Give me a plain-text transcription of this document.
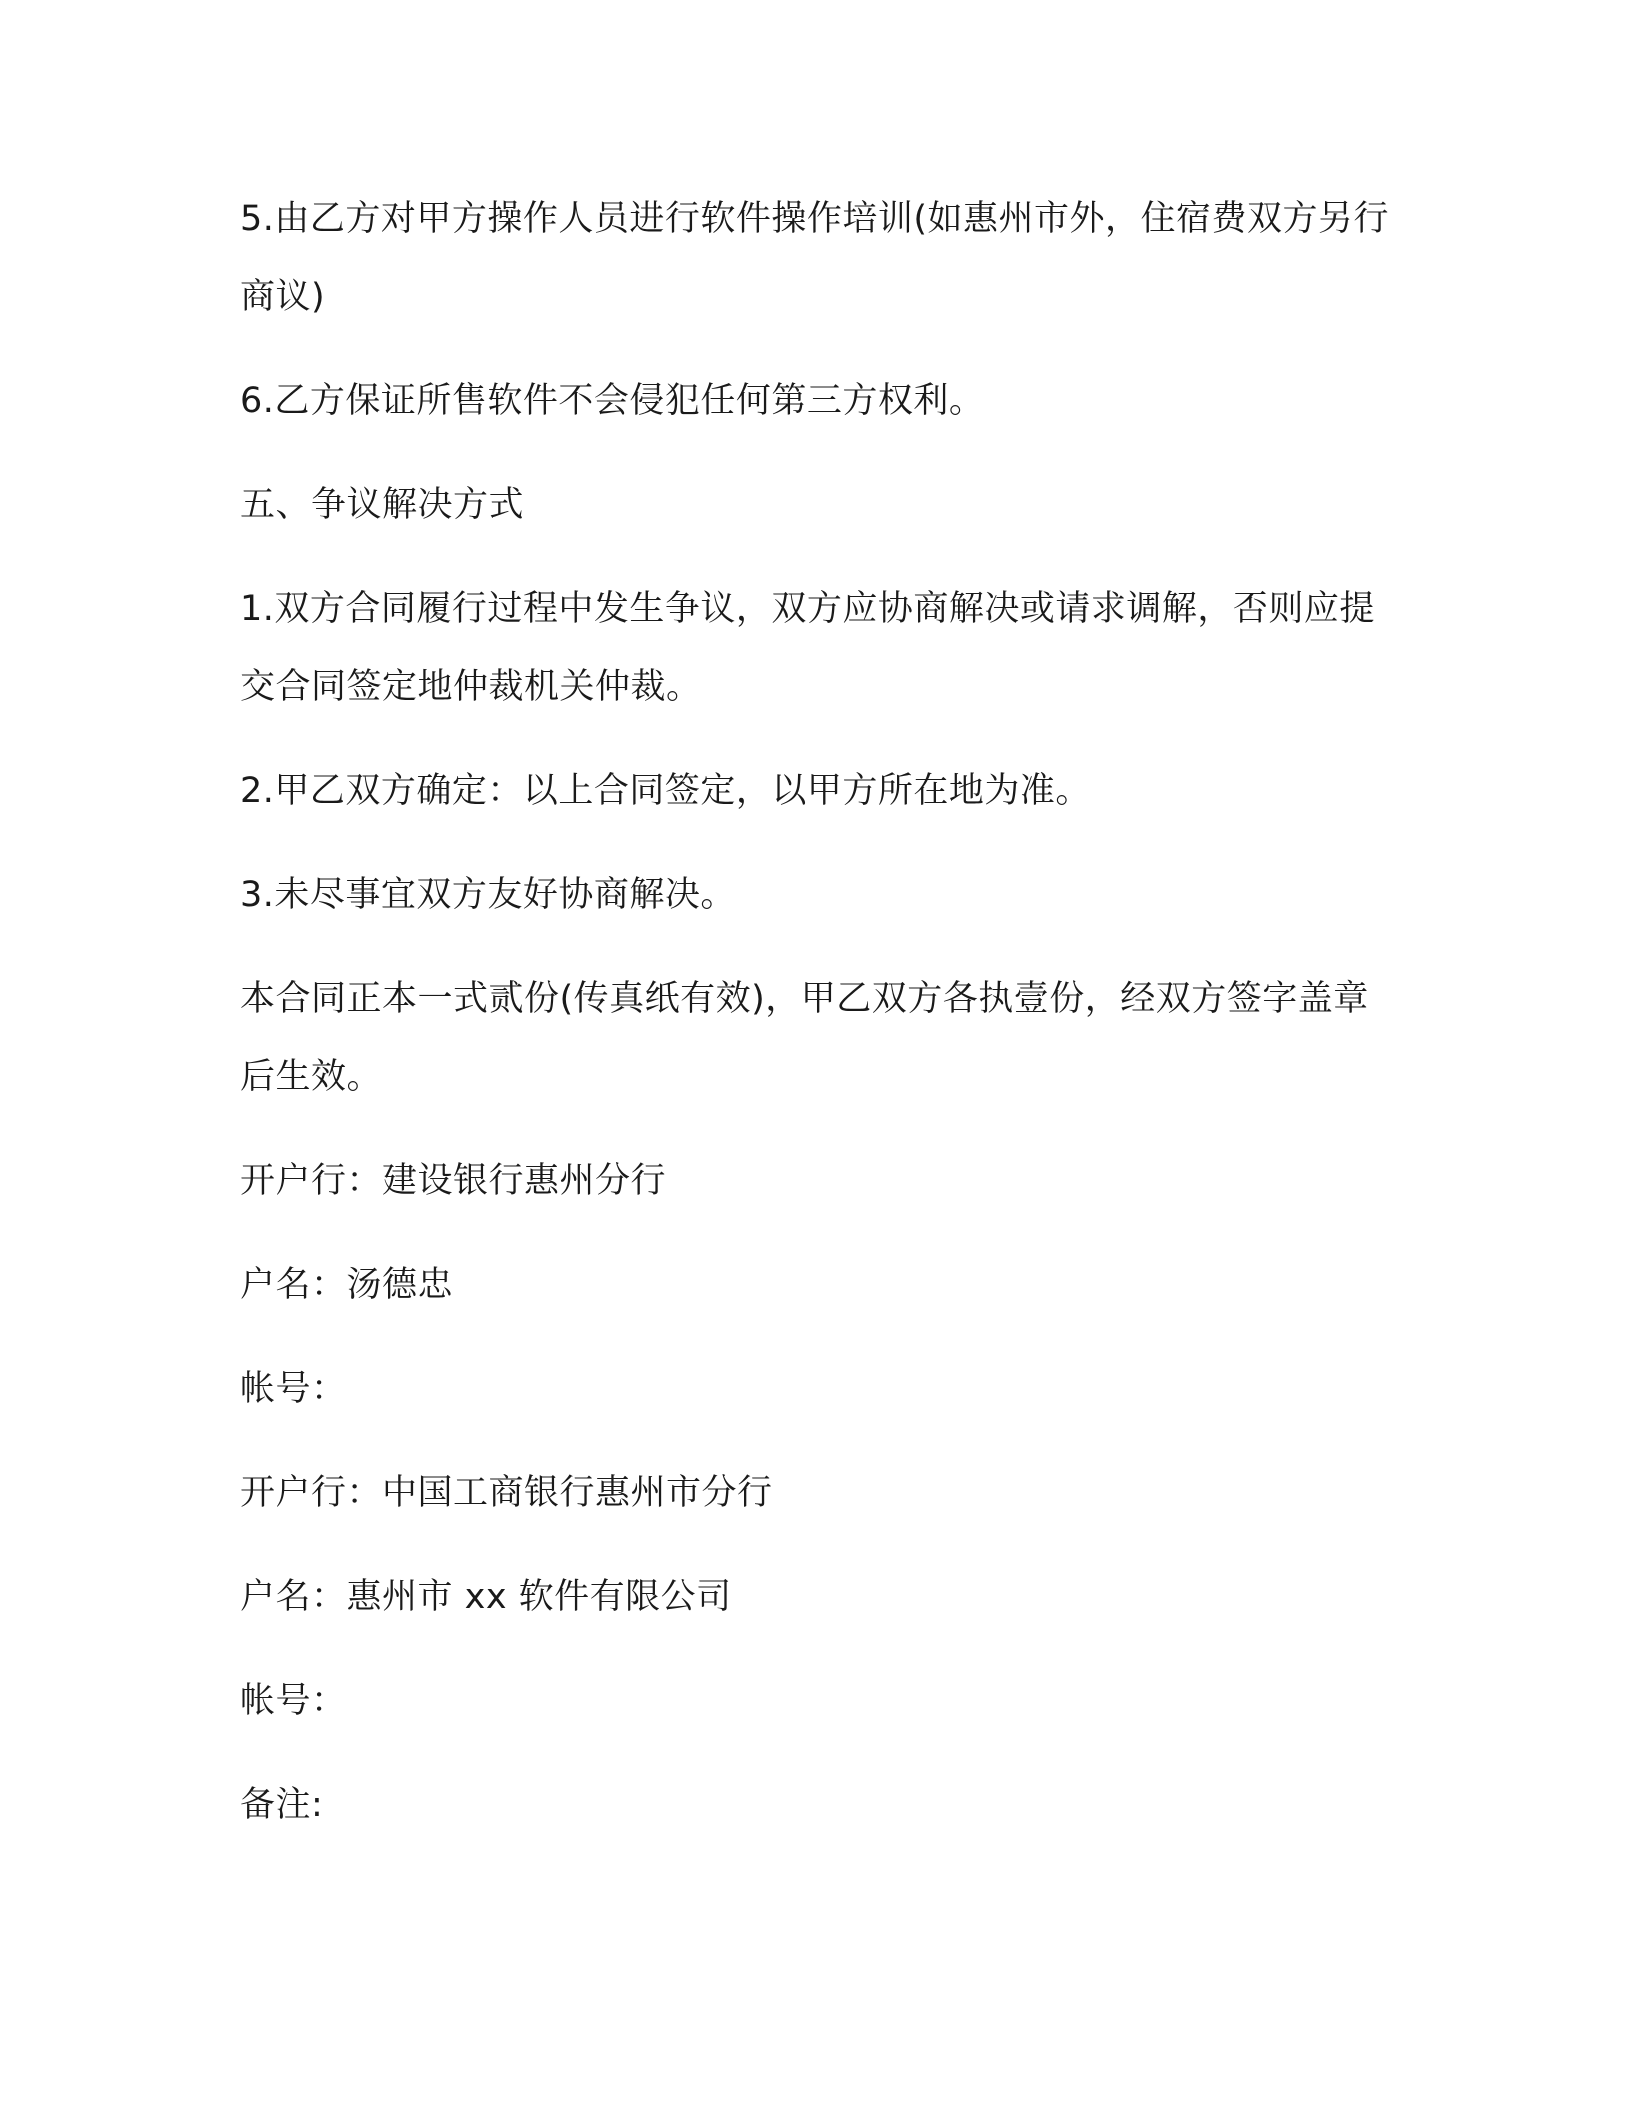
5.由乙方对甲方操作人员进行软件操作培训(如惠州市外，住宿费双方另行商议)

6.乙方保证所售软件不会侵犯任何第三方权利。

五、争议解决方式

1.双方合同履行过程中发生争议，双方应协商解决或请求调解，否则应提交合同签定地仲裁机关仲裁。

2.甲乙双方确定：以上合同签定，以甲方所在地为准。

3.未尽事宜双方友好协商解决。

本合同正本一式贰份(传真纸有效)，甲乙双方各执壹份，经双方签字盖章后生效。

开户行：建设银行惠州分行

户名：汤德忠

帐号：

开户行：中国工商银行惠州市分行

户名：惠州市 xx 软件有限公司

帐号：

备注:
